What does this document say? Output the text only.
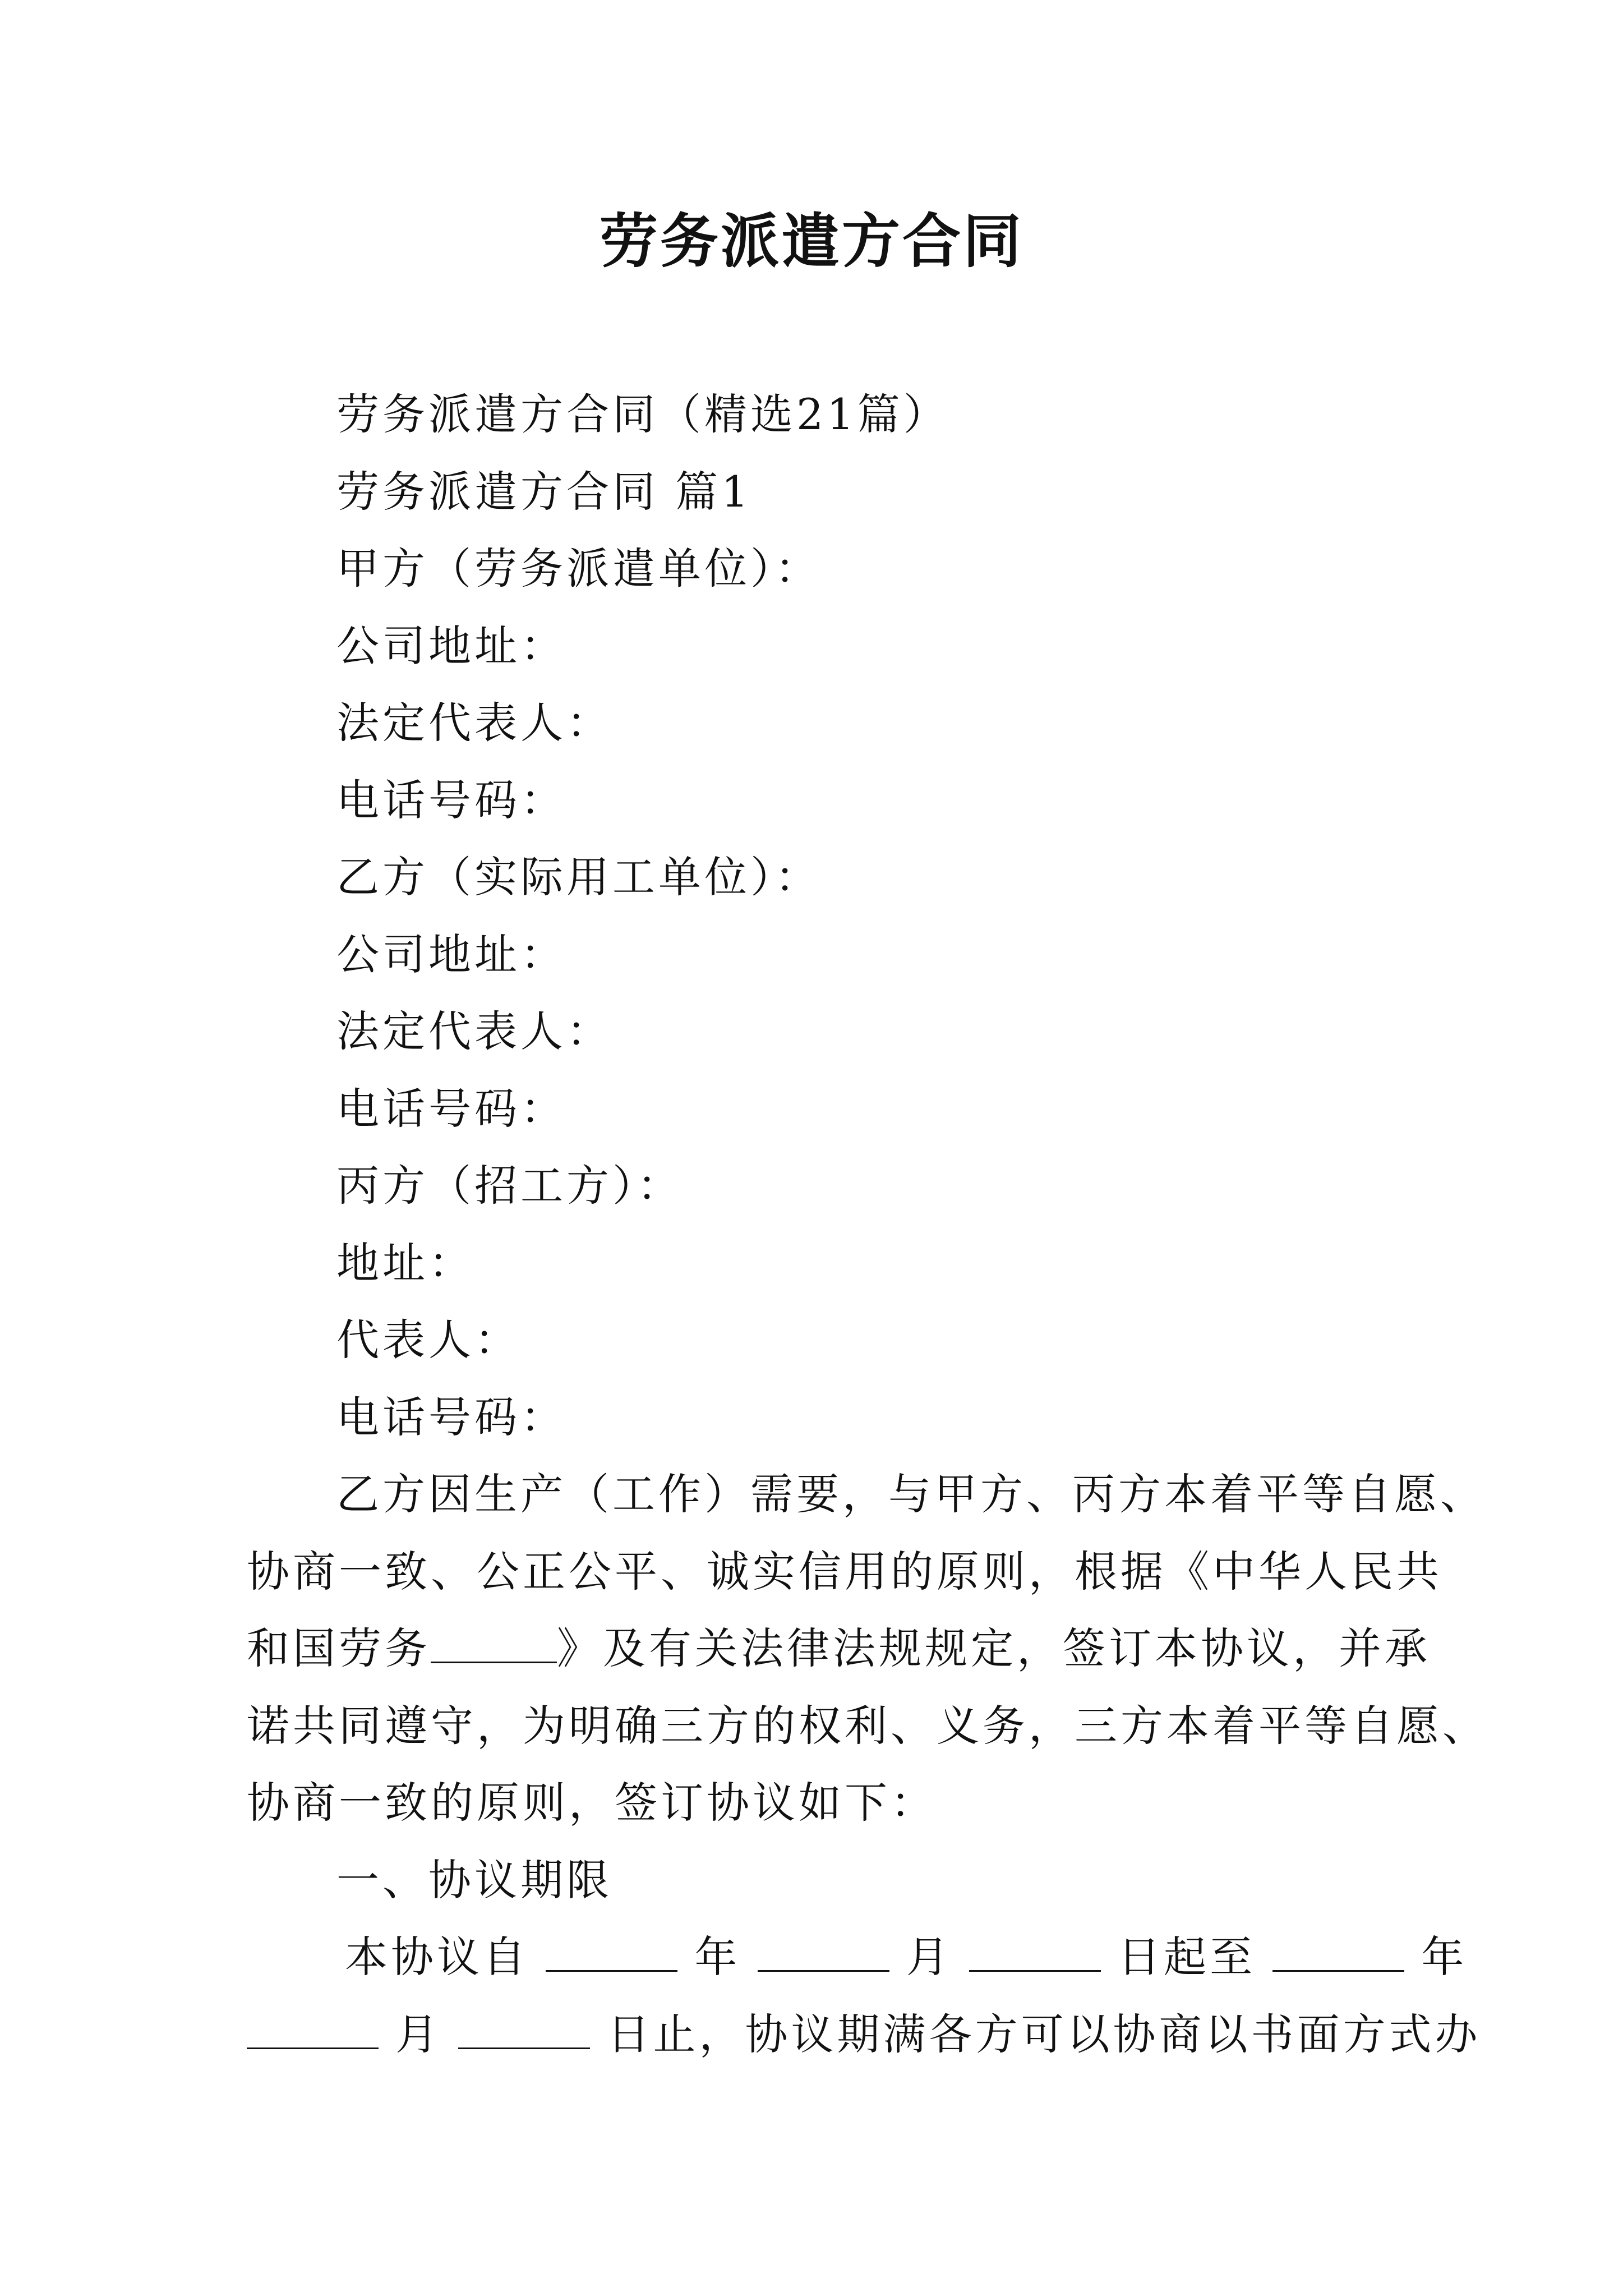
劳务派遣方合同
劳务派遣方合同（精选21篇）
劳务派遣方合同 篇1
甲方（劳务派遣单位）：
公司地址：
法定代表人：
电话号码：
乙方（实际用工单位）：
公司地址：
法定代表人：
电话号码：
丙方（招工方）：
地址：
代表人：
电话号码：
乙方因生产（工作）需要，与甲方、丙方本着平等自愿、
协商一致、公正公平、诚实信用的原则，根据《中华人民共
和国劳务	》及有关法律法规规定，签订本协议，并承
诺共同遵守，为明确三方的权利、义务，三方本着平等自愿、
协商一致的原则，签订协议如下：
一、协议期限
本协议自	年	月	日起至	年
月	日止，协议期满各方可以协商以书面方式办
